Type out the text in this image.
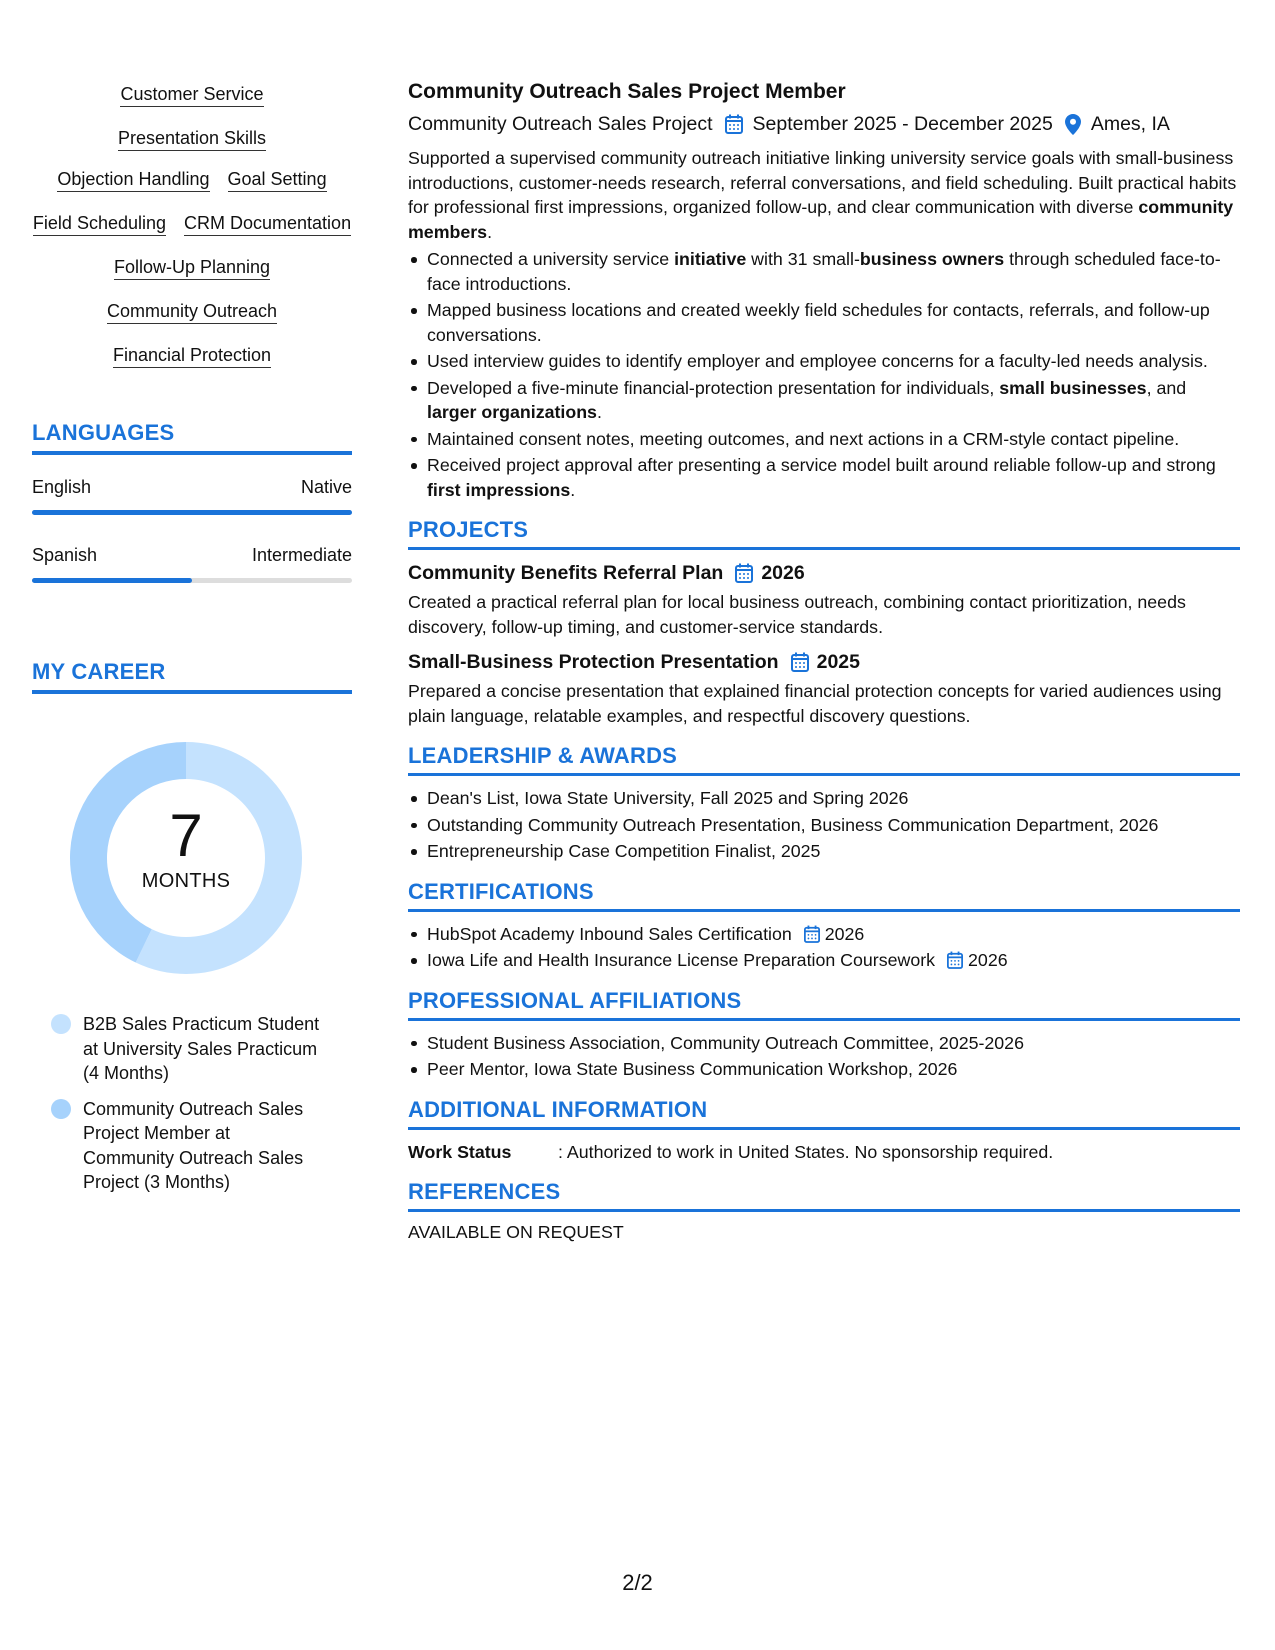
Customer Service
Presentation Skills
Objection Handling Goal Setting
Field Scheduling CRM Documentation
Follow-Up Planning
Community Outreach
Financial Protection
LANGUAGES
English	Native
Spanish	Intermediate
MY CAREER
7
MONTHS
B2B Sales Practicum Student at University Sales Practicum (4 Months)
Community Outreach Sales Project Member at Community Outreach Sales Project (3 Months)
Community Outreach Sales Project Member
Community Outreach Sales Project September 2025 - December 2025 Ames, IA

Supported a supervised community outreach initiative linking university service goals with small-business introductions, customer-needs research, referral conversations, and field scheduling. Built practical habits for professional first impressions, organized follow-up, and clear communication with diverse community members.

Connected a university service initiative with 31 small-business owners through scheduled face-to-face introductions.
Mapped business locations and created weekly field schedules for contacts, referrals, and follow-up conversations.
Used interview guides to identify employer and employee concerns for a faculty-led needs analysis.
Developed a five-minute financial-protection presentation for individuals, small businesses, and larger organizations.
Maintained consent notes, meeting outcomes, and next actions in a CRM-style contact pipeline.
Received project approval after presenting a service model built around reliable follow-up and strong first impressions.
PROJECTS
Community Benefits Referral Plan 2026

Created a practical referral plan for local business outreach, combining contact prioritization, needs discovery, follow-up timing, and customer-service standards.

Small-Business Protection Presentation 2025

Prepared a concise presentation that explained financial protection concepts for varied audiences using plain language, relatable examples, and respectful discovery questions.

LEADERSHIP & AWARDS
Dean's List, Iowa State University, Fall 2025 and Spring 2026
Outstanding Community Outreach Presentation, Business Communication Department, 2026
Entrepreneurship Case Competition Finalist, 2025
CERTIFICATIONS
HubSpot Academy Inbound Sales Certification 2026
Iowa Life and Health Insurance License Preparation Coursework 2026
PROFESSIONAL AFFILIATIONS
Student Business Association, Community Outreach Committee, 2025-2026
Peer Mentor, Iowa State Business Communication Workshop, 2026
ADDITIONAL INFORMATION
Work Status	: Authorized to work in United States. No sponsorship required.
REFERENCES
AVAILABLE ON REQUEST
2/2
